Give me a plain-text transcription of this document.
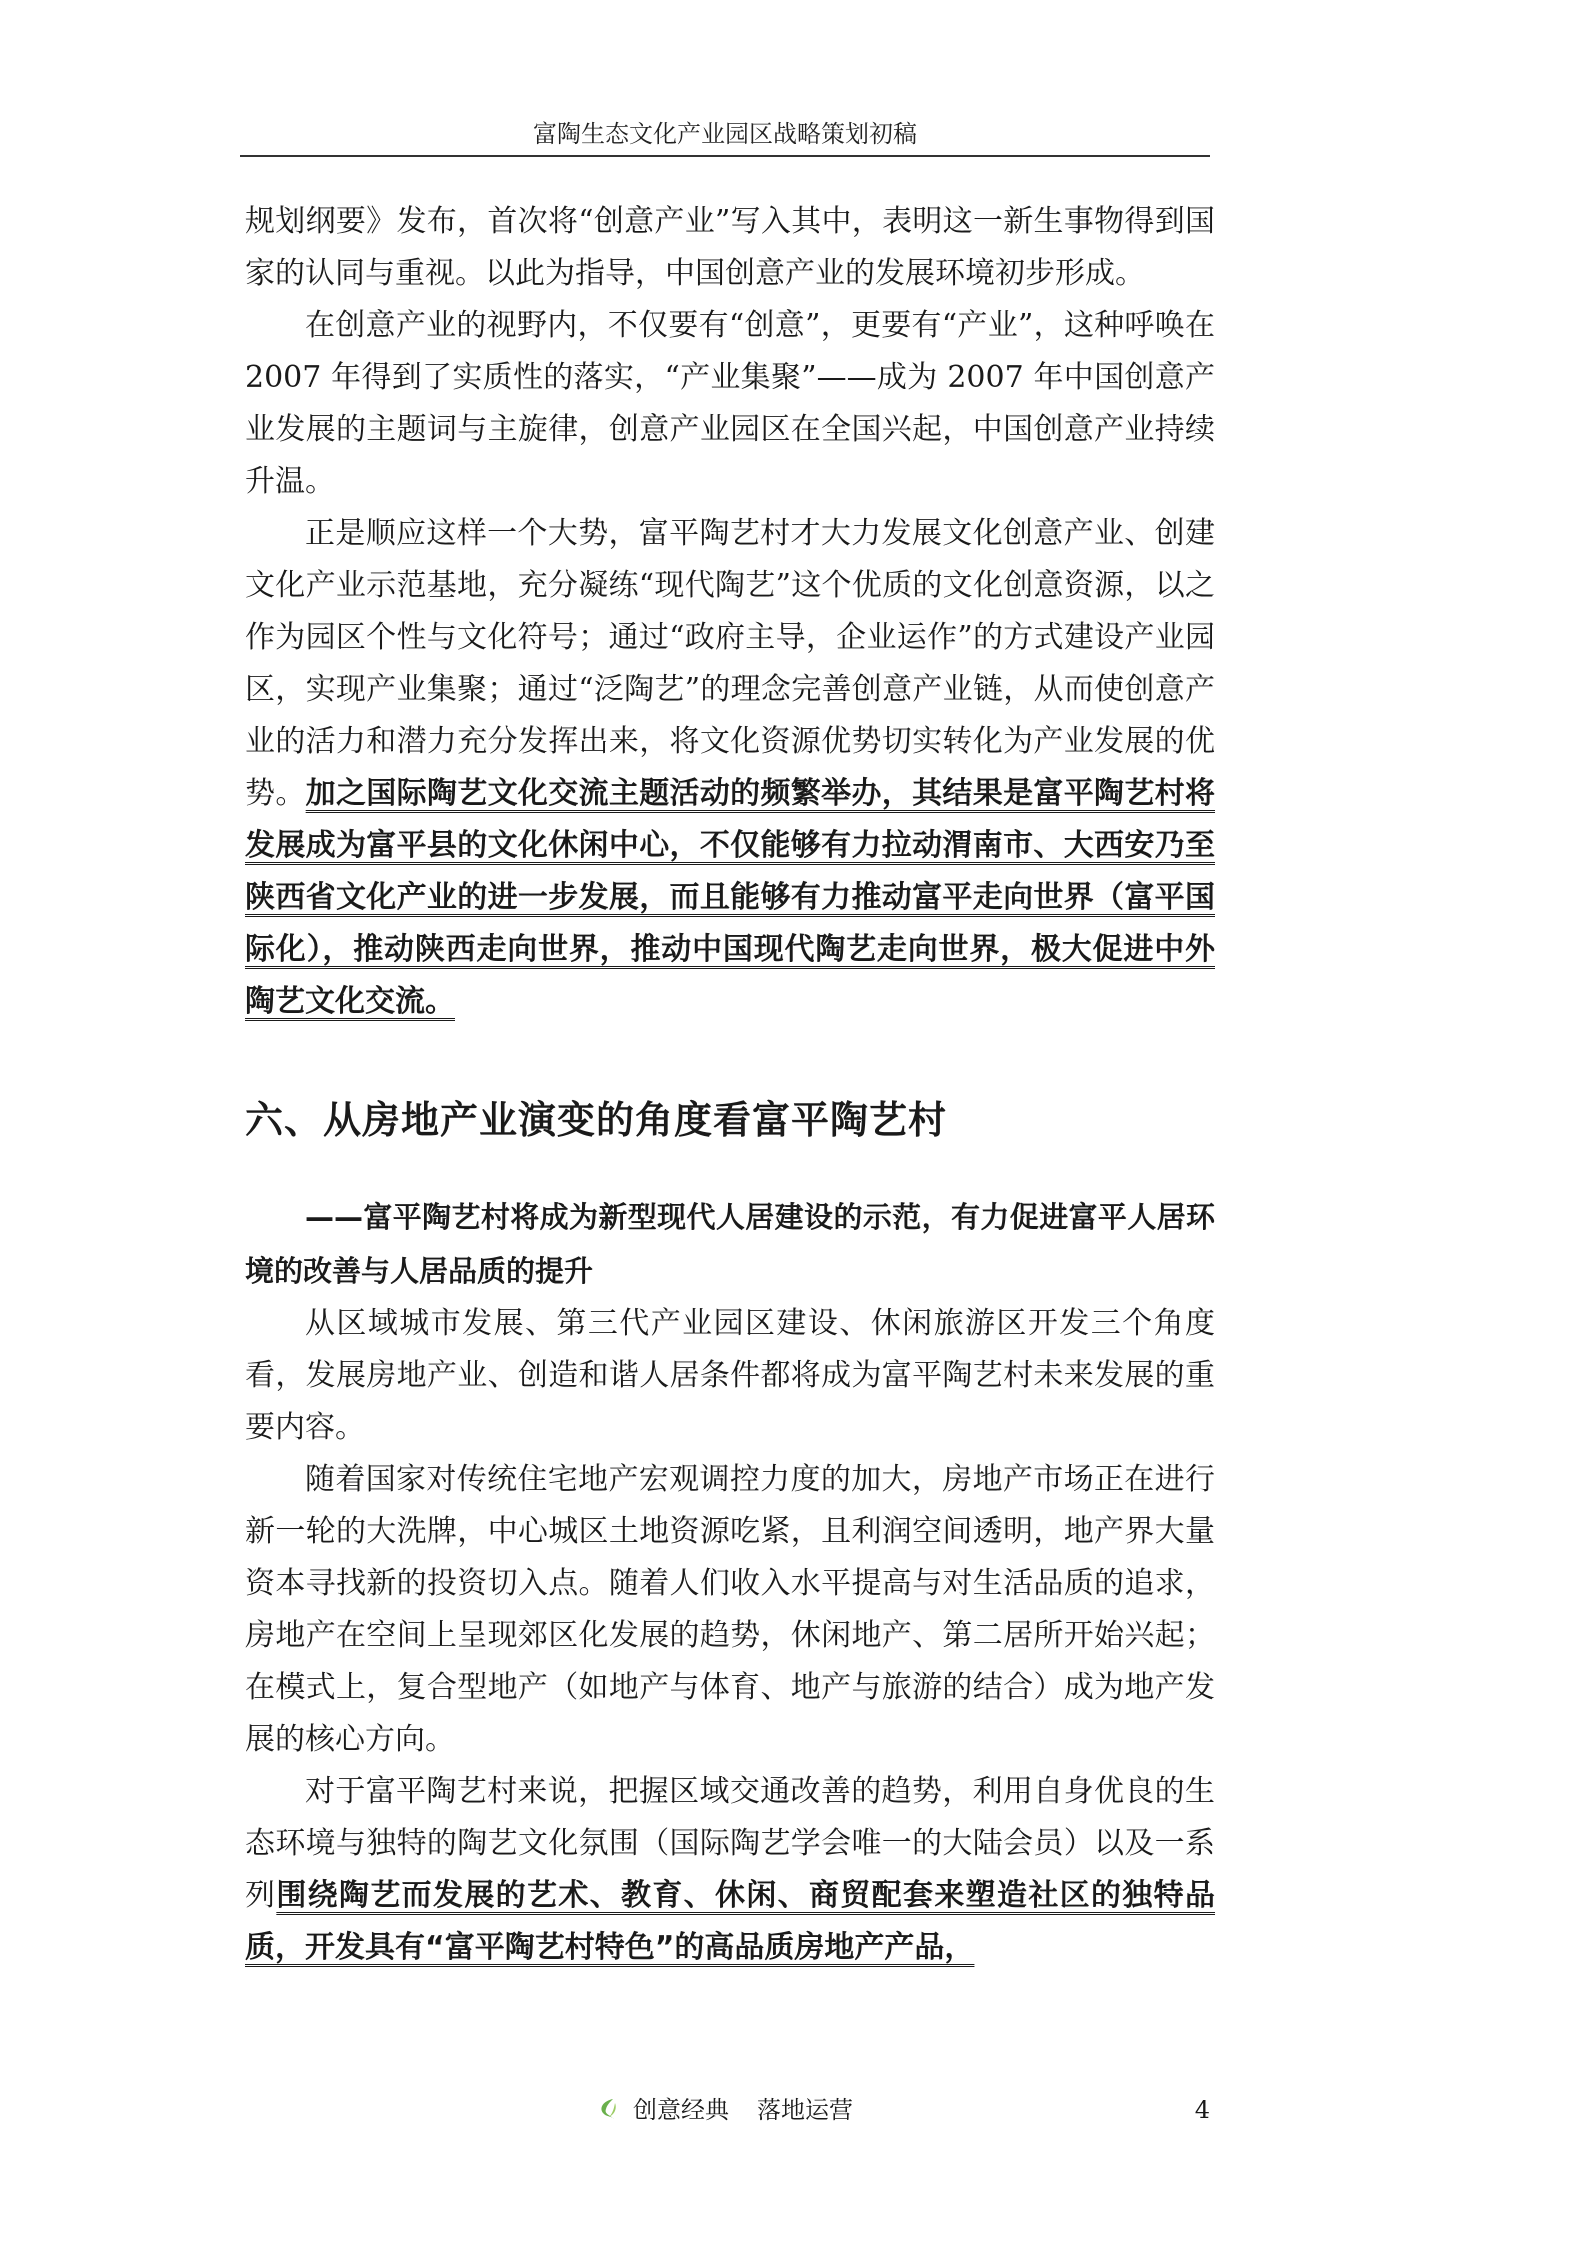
富陶生态文化产业园区战略策划初稿

规划纲要》发布，首次将“创意产业”写入其中，表明这一新生事物得到国家的认同与重视。以此为指导，中国创意产业的发展环境初步形成。

在创意产业的视野内，不仅要有“创意”，更要有“产业”，这种呼唤在 2007 年得到了实质性的落实，“产业集聚”——成为 2007 年中国创意产业发展的主题词与主旋律，创意产业园区在全国兴起，中国创意产业持续升温。

正是顺应这样一个大势，富平陶艺村才大力发展文化创意产业、创建文化产业示范基地，充分凝练“现代陶艺”这个优质的文化创意资源，以之作为园区个性与文化符号；通过“政府主导，企业运作”的方式建设产业园区，实现产业集聚；通过“泛陶艺”的理念完善创意产业链，从而使创意产业的活力和潜力充分发挥出来，将文化资源优势切实转化为产业发展的优势。加之国际陶艺文化交流主题活动的频繁举办，其结果是富平陶艺村将发展成为富平县的文化休闲中心，不仅能够有力拉动渭南市、大西安乃至陕西省文化产业的进一步发展，而且能够有力推动富平走向世界（富平国际化），推动陕西走向世界，推动中国现代陶艺走向世界，极大促进中外陶艺文化交流。

六、从房地产业演变的角度看富平陶艺村

——富平陶艺村将成为新型现代人居建设的示范，有力促进富平人居环境的改善与人居品质的提升

从区域城市发展、第三代产业园区建设、休闲旅游区开发三个角度看，发展房地产业、创造和谐人居条件都将成为富平陶艺村未来发展的重要内容。

随着国家对传统住宅地产宏观调控力度的加大，房地产市场正在进行新一轮的大洗牌，中心城区土地资源吃紧，且利润空间透明，地产界大量资本寻找新的投资切入点。随着人们收入水平提高与对生活品质的追求，房地产在空间上呈现郊区化发展的趋势，休闲地产、第二居所开始兴起；在模式上，复合型地产（如地产与体育、地产与旅游的结合）成为地产发展的核心方向。

对于富平陶艺村来说，把握区域交通改善的趋势，利用自身优良的生态环境与独特的陶艺文化氛围（国际陶艺学会唯一的大陆会员）以及一系列围绕陶艺而发展的艺术、教育、休闲、商贸配套来塑造社区的独特品质，开发具有“富平陶艺村特色”的高品质房地产产品，

创意经典 落地运营	4
